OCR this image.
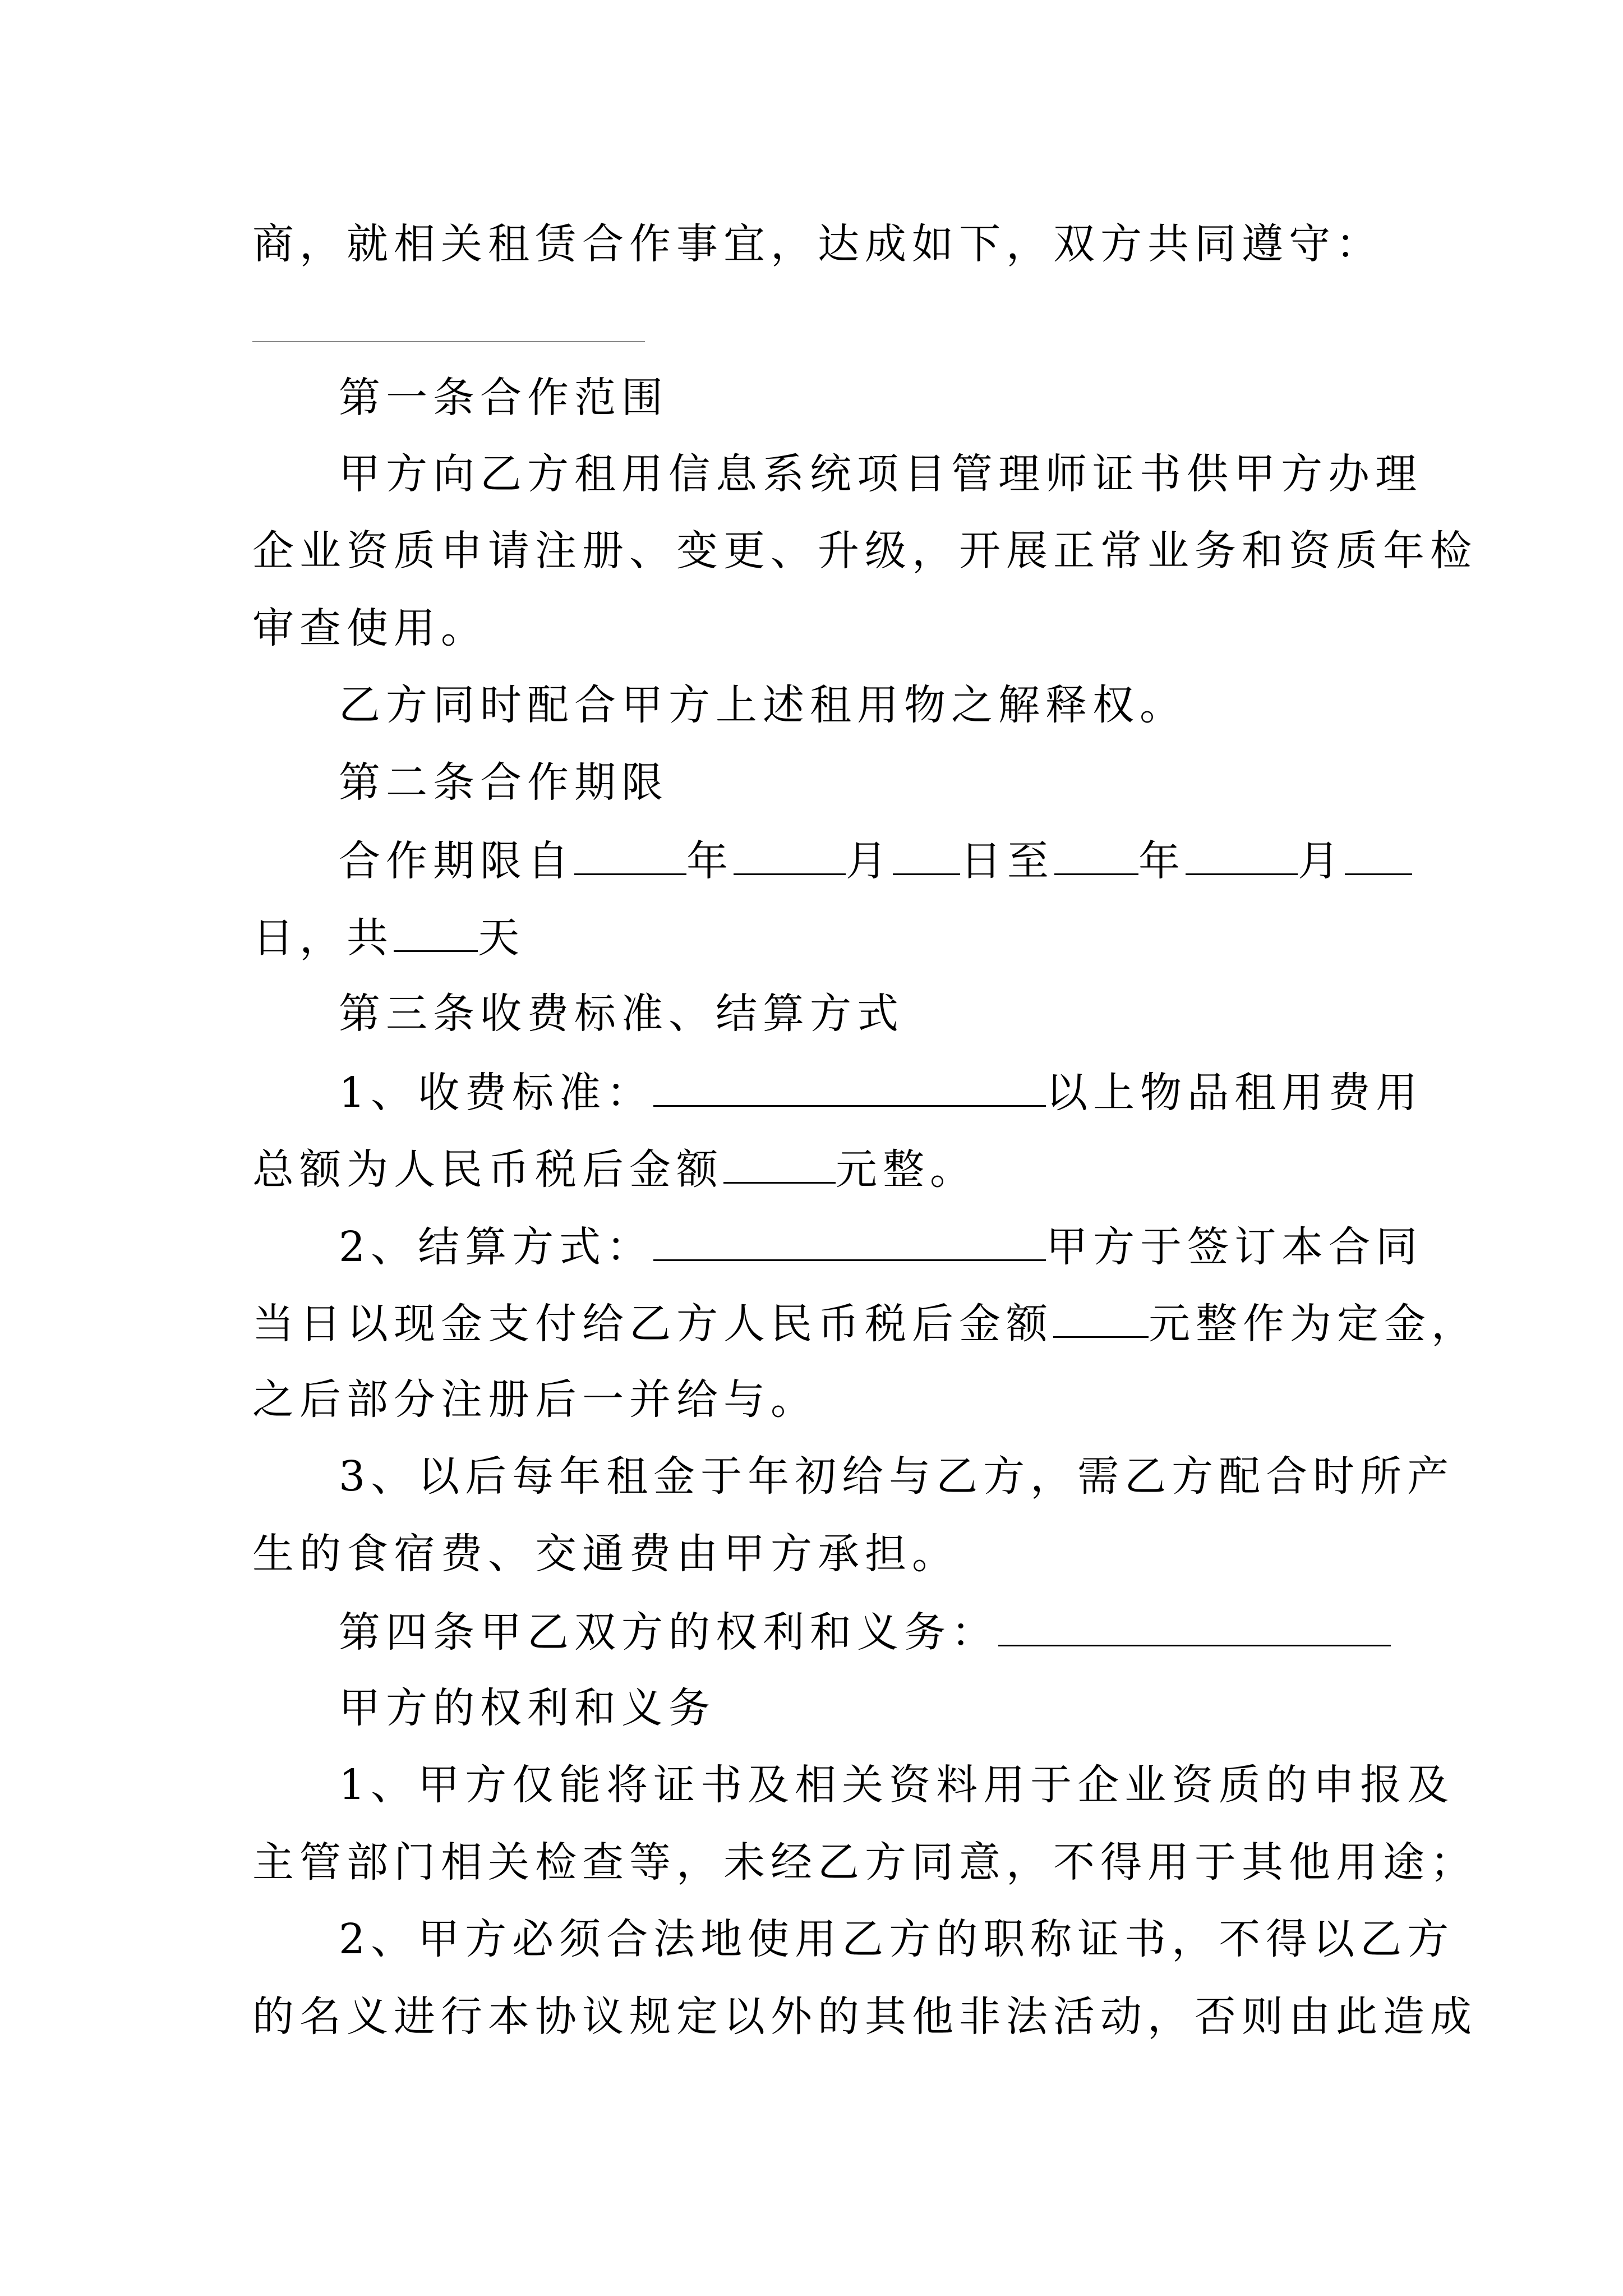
商，就相关租赁合作事宜，达成如下，双方共同遵守：
第一条合作范围
甲方向乙方租用信息系统项目管理师证书供甲方办理
企业资质申请注册、变更、升级，开展正常业务和资质年检
审查使用。
乙方同时配合甲方上述租用物之解释权。
第二条合作期限
合作期限自	年	月 日至 年	月
日，共 天
第三条收费标准、结算方式
1、收费标准：	以上物品租用费用
总额为人民币税后金额	元整。
2、结算方式：	甲方于签订本合同
当日以现金支付给乙方人民币税后金额 元整作为定金，
之后部分注册后一并给与。
3、以后每年租金于年初给与乙方，需乙方配合时所产
生的食宿费、交通费由甲方承担。
第四条甲乙双方的权利和义务：
甲方的权利和义务
1、甲方仅能将证书及相关资料用于企业资质的申报及
主管部门相关检查等，未经乙方同意，不得用于其他用途；
2、甲方必须合法地使用乙方的职称证书，不得以乙方
的名义进行本协议规定以外的其他非法活动，否则由此造成
